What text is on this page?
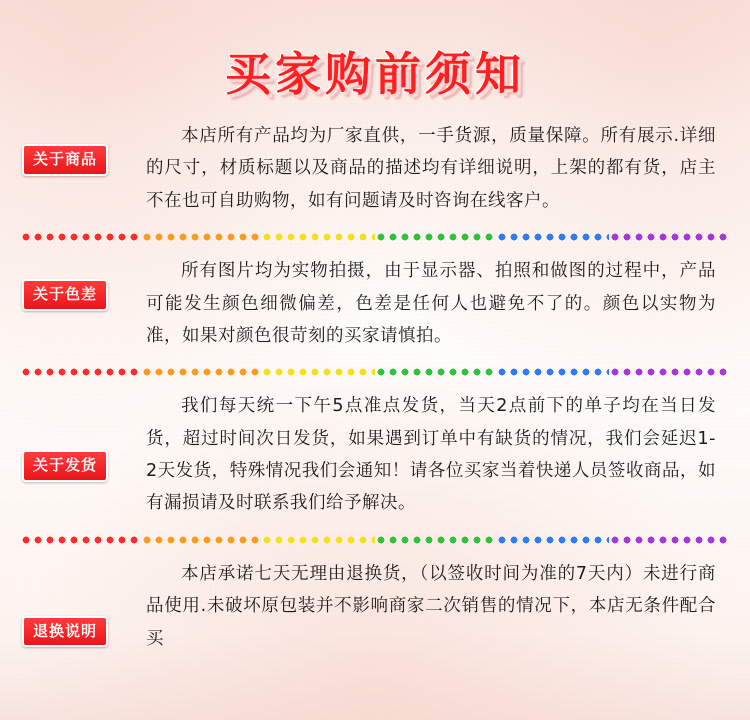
买家购前须知
关于商品

本店所有产品均为厂家直供，一手货源，质量保障。所有展示.详细的尺寸，材质标题以及商品的描述均有详细说明，上架的都有货，店主不在也可自助购物，如有问题请及时咨询在线客户。

关于色差

所有图片均为实物拍摄，由于显示器、拍照和做图的过程中，产品可能发生颜色细微偏差，色差是任何人也避免不了的。颜色以实物为准，如果对颜色很苛刻的买家请慎拍。

关于发货

我们每天统一下午5点准点发货，当天2点前下的单子均在当日发货，超过时间次日发货，如果遇到订单中有缺货的情况，我们会延迟1-2天发货，特殊情况我们会通知！请各位买家当着快递人员签收商品，如有漏损请及时联系我们给予解决。

退换说明

本店承诺七天无理由退换货，（以签收时间为准的7天内）未进行商品使用.未破坏原包装并不影响商家二次销售的情况下，本店无条件配合买
